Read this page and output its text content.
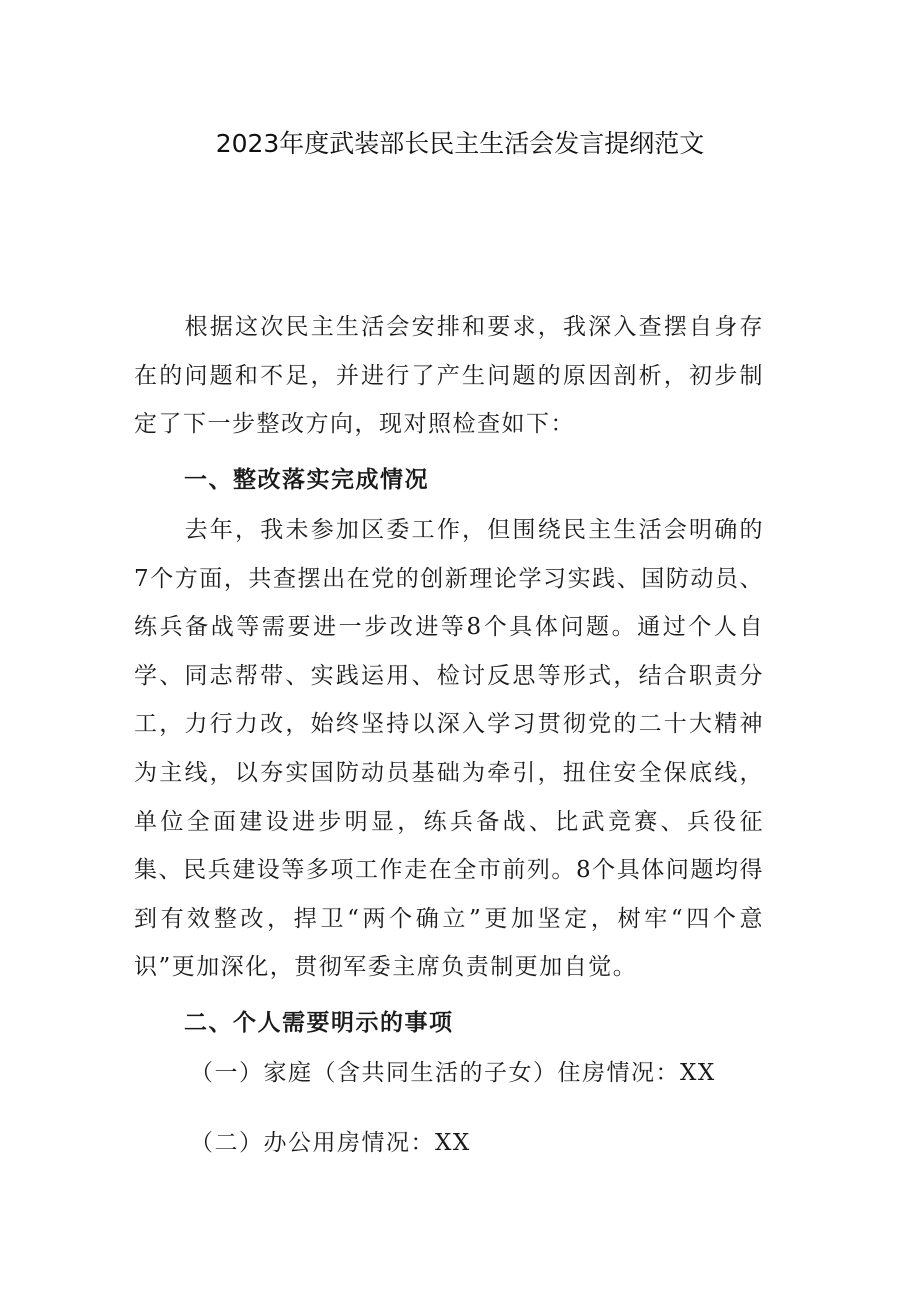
2023年度武装部长民主生活会发言提纲范文

根据这次民主生活会安排和要求，我深入查摆自身存在的问题和不足，并进行了产生问题的原因剖析，初步制定了下一步整改方向，现对照检查如下：

一、整改落实完成情况

去年，我未参加区委工作，但围绕民主生活会明确的7个方面，共查摆出在党的创新理论学习实践、国防动员、练兵备战等需要进一步改进等8个具体问题。通过个人自学、同志帮带、实践运用、检讨反思等形式，结合职责分工，力行力改，始终坚持以深入学习贯彻党的二十大精神为主线，以夯实国防动员基础为牵引，扭住安全保底线，单位全面建设进步明显，练兵备战、比武竞赛、兵役征集、民兵建设等多项工作走在全市前列。8个具体问题均得到有效整改，捍卫“两个确立”更加坚定，树牢“四个意识”更加深化，贯彻军委主席负责制更加自觉。

二、个人需要明示的事项

（一）家庭（含共同生活的子女）住房情况：XX

（二）办公用房情况：XX
